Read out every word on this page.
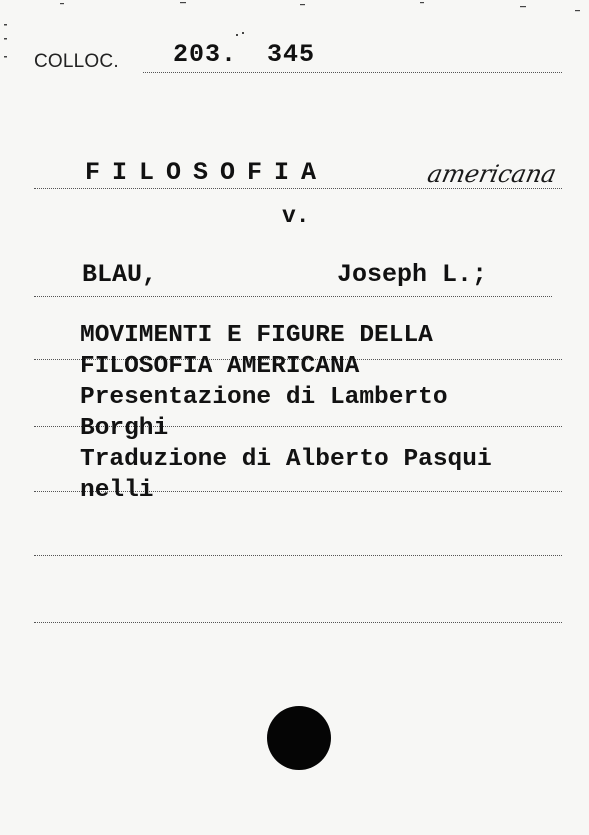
COLLOC. 203. 345
FILOSOFIA	americana
v.
BLAU,	Joseph L.;
MOVIMENTI E FIGURE DELLA
FILOSOFIA AMERICANA
Presentazione di Lamberto
Borghi
Traduzione di Alberto Pasqui
nelli
